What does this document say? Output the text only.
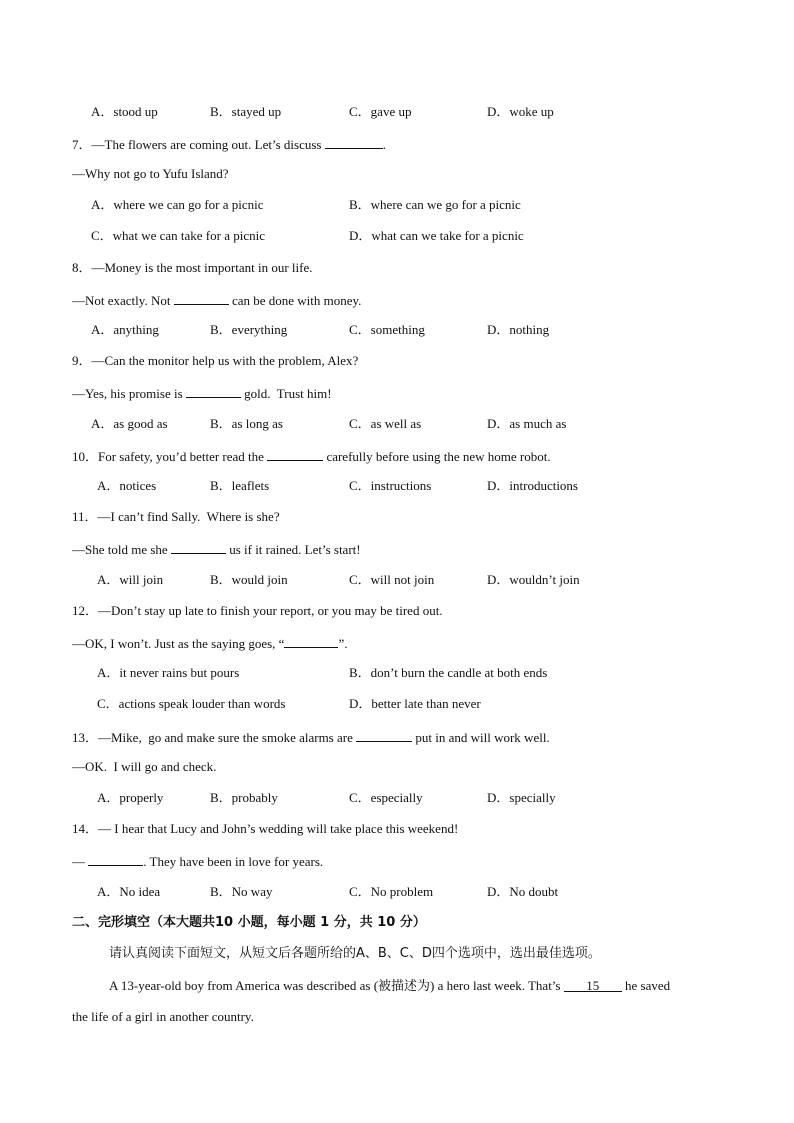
A．stood up	B．stayed up	C．gave up	D．woke up
7．—The flowers are coming out. Let’s discuss	.
—Why not go to Yufu Island?
A．where we can go for a picnic	B．where can we go for a picnic
C．what we can take for a picnic	D．what can we take for a picnic
8．—Money is the most important in our life.
—Not exactly. Not	can be done with money.
A．anything	B．everything	C．something	D．nothing
9．—Can the monitor help us with the problem, Alex?
—Yes, his promise is	gold.  Trust him!
A．as good as	B．as long as	C．as well as	D．as much as
10．For safety, you’d better read the	carefully before using the new home robot.
A．notices	B．leaflets	C．instructions	D．introductions
11．—I can’t find Sally.  Where is she?
—She told me she	us if it rained. Let’s start!
A．will join	B．would join	C．will not join	D．wouldn’t join
12．—Don’t stay up late to finish your report, or you may be tired out.
—OK, I won’t. Just as the saying goes, “	”.
A．it never rains but pours	B．don’t burn the candle at both ends
C．actions speak louder than words	D．better late than never
13．—Mike,  go and make sure the smoke alarms are	put in and will work well.
—OK.  I will go and check.
A．properly	B．probably	C．especially	D．specially
14．— I hear that Lucy and John’s wedding will take place this weekend!
—	. They have been in love for years.
A．No idea	B．No way	C．No problem	D．No doubt
二、完形填空（本大题共10 小题，每小题 1 分，共 10 分）
请认真阅读下面短文，从短文后各题所给的A、B、C、D四个选项中，选出最佳选项。
A 13-year-old boy from America was described as (被描述为) a hero last week. That’s 15 he saved
the life of a girl in another country.
